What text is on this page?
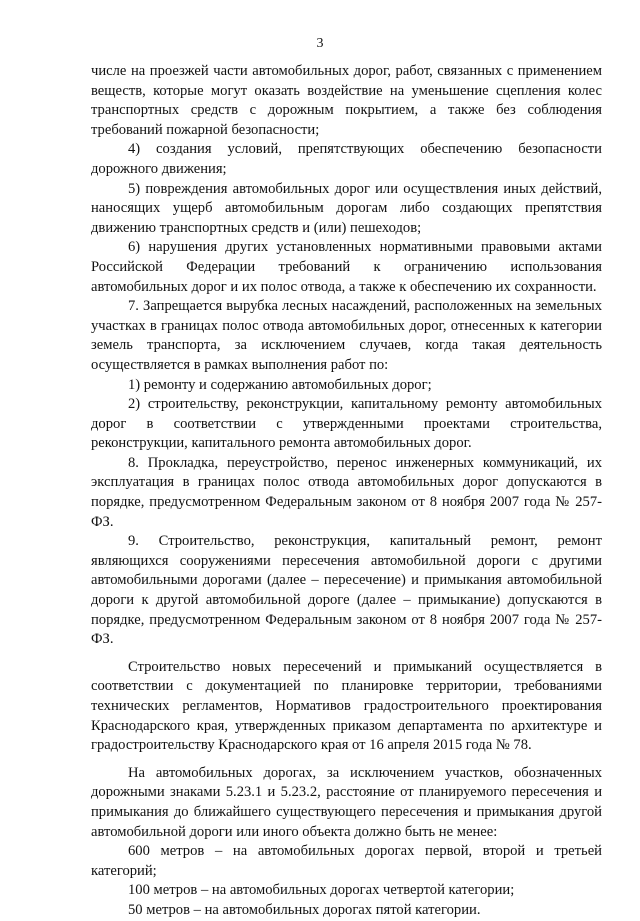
3

числе на проезжей части автомобильных дорог, работ, связанных с применением веществ, которые могут оказать воздействие на уменьшение сцепления колес транспортных средств с дорожным покрытием, а также без соблюдения требований пожарной безопасности;

4) создания условий, препятствующих обеспечению безопасности дорожного движения;

5) повреждения автомобильных дорог или осуществления иных действий, наносящих ущерб автомобильным дорогам либо создающих препятствия движению транспортных средств и (или) пешеходов;

6) нарушения других установленных нормативными правовыми актами Российской Федерации требований к ограничению использования автомобильных дорог и их полос отвода, а также к обеспечению их сохранности.

7. Запрещается вырубка лесных насаждений, расположенных на земельных участках в границах полос отвода автомобильных дорог, отнесенных к категории земель транспорта, за исключением случаев, когда такая деятельность осуществляется в рамках выполнения работ по:

1) ремонту и содержанию автомобильных дорог;

2) строительству, реконструкции, капитальному ремонту автомобильных дорог в соответствии с утвержденными проектами строительства, реконструкции, капитального ремонта автомобильных дорог.

8. Прокладка, переустройство, перенос инженерных коммуникаций, их эксплуатация в границах полос отвода автомобильных дорог допускаются в порядке, предусмотренном Федеральным законом от 8 ноября 2007 года № 257-ФЗ.

9. Строительство, реконструкция, капитальный ремонт, ремонт являющихся сооружениями пересечения автомобильной дороги с другими автомобильными дорогами (далее – пересечение) и примыкания автомобильной дороги к другой автомобильной дороге (далее – примыкание) допускаются в порядке, предусмотренном Федеральным законом от 8 ноября 2007 года № 257-ФЗ.

Строительство новых пересечений и примыканий осуществляется в соответствии с документацией по планировке территории, требованиями технических регламентов, Нормативов градостроительного проектирования Краснодарского края, утвержденных приказом департамента по архитектуре и градостроительству Краснодарского края от 16 апреля 2015 года № 78.

На автомобильных дорогах, за исключением участков, обозначенных дорожными знаками 5.23.1 и 5.23.2, расстояние от планируемого пересечения и примыкания до ближайшего существующего пересечения и примыкания другой автомобильной дороги или иного объекта должно быть не менее:

600 метров – на автомобильных дорогах первой, второй и третьей категорий;

100 метров – на автомобильных дорогах четвертой категории;

50 метров – на автомобильных дорогах пятой категории.
